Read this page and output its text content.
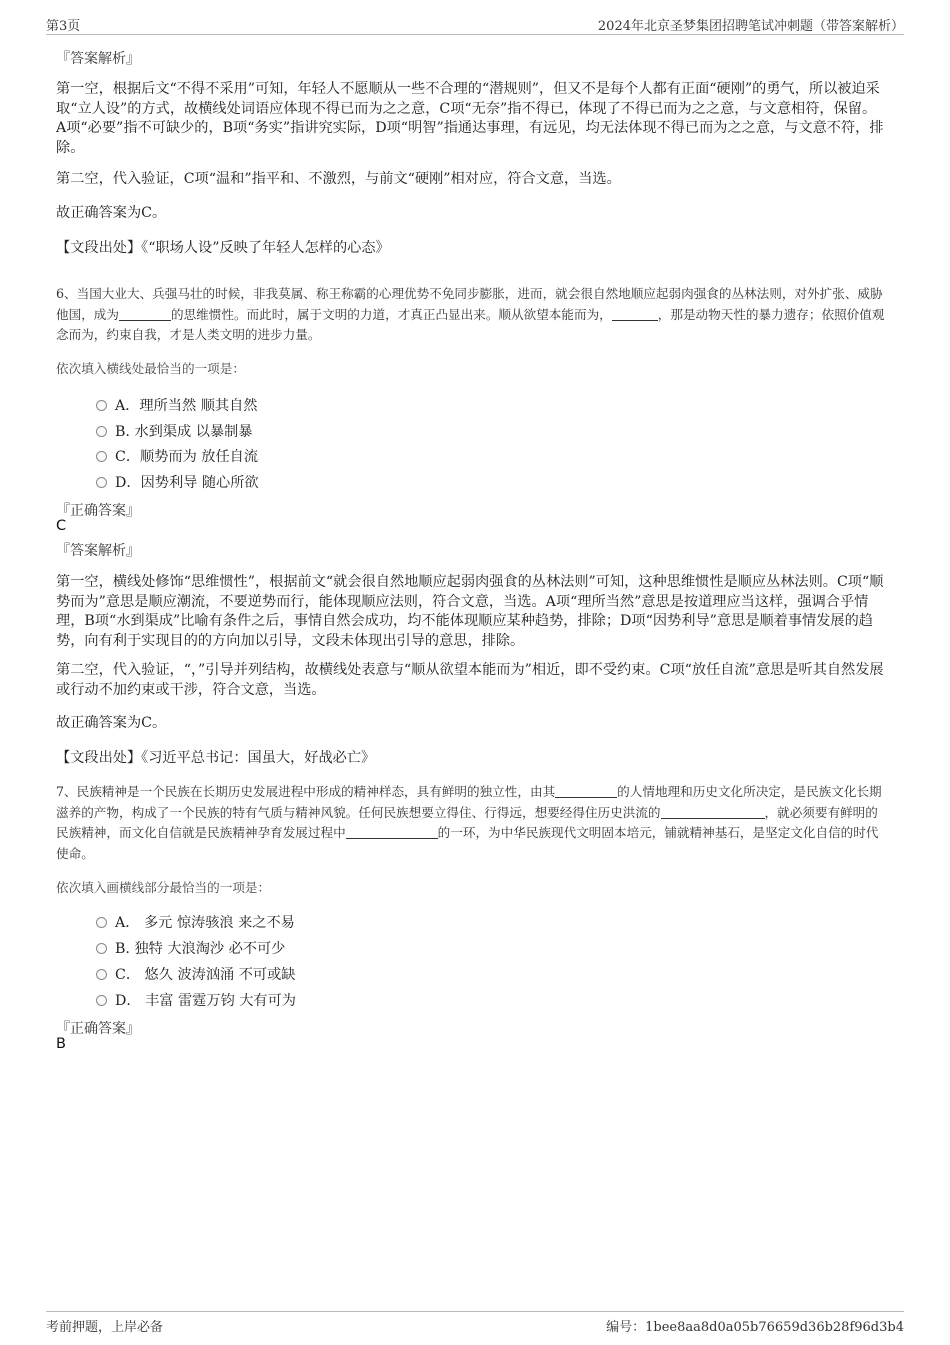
第3页	2024年北京圣梦集团招聘笔试冲刺题（带答案解析）
『答案解析』
第一空，根据后文“不得不采用”可知，年轻人不愿顺从一些不合理的“潜规则”，但又不是每个人都有正面“硬刚”的勇气，所以被迫采取“立人设”的方式，故横线处词语应体现不得已而为之之意，C项“无奈”指不得已，体现了不得已而为之之意，与文意相符，保留。A项“必要”指不可缺少的，B项“务实”指讲究实际，D项“明智”指通达事理，有远见，均无法体现不得已而为之之意，与文意不符，排除。
第二空，代入验证，C项“温和”指平和、不激烈，与前文“硬刚”相对应，符合文意，当选。
故正确答案为C。
【文段出处】《“职场人设”反映了年轻人怎样的心态》
6、当国大业大、兵强马壮的时候，非我莫属、称王称霸的心理优势不免同步膨胀，进而，就会很自然地顺应起弱肉强食的丛林法则，对外扩张、威胁他国，成为	的思维惯性。而此时，属于文明的力道，才真正凸显出来。顺从欲望本能而为，	，那是动物天性的暴力遗存；依照价值观念而为，约束自我，才是人类文明的进步力量。
依次填入横线处最恰当的一项是：
A．理所当然 顺其自然
B. 水到渠成 以暴制暴
C．顺势而为 放任自流
D．因势利导 随心所欲
『正确答案』
C
『答案解析』
第一空，横线处修饰“思维惯性”，根据前文“就会很自然地顺应起弱肉强食的丛林法则”可知，这种思维惯性是顺应丛林法则。C项“顺势而为”意思是顺应潮流，不要逆势而行，能体现顺应法则，符合文意，当选。A项“理所当然”意思是按道理应当这样，强调合乎情理，B项“水到渠成”比喻有条件之后，事情自然会成功，均不能体现顺应某种趋势，排除；D项“因势利导”意思是顺着事情发展的趋势，向有利于实现目的的方向加以引导，文段未体现出引导的意思，排除。
第二空，代入验证，“，”引导并列结构，故横线处表意与“顺从欲望本能而为”相近，即不受约束。C项“放任自流”意思是听其自然发展或行动不加约束或干涉，符合文意，当选。
故正确答案为C。
【文段出处】《习近平总书记：国虽大，好战必亡》
7、民族精神是一个民族在长期历史发展进程中形成的精神样态，具有鲜明的独立性，由其	的人情地理和历史文化所决定，是民族文化长期滋养的产物，构成了一个民族的特有气质与精神风貌。任何民族想要立得住、行得远，想要经得住历史洪流的	，就必须要有鲜明的民族精神，而文化自信就是民族精神孕育发展过程中	的一环，为中华民族现代文明固本培元，铺就精神基石，是坚定文化自信的时代使命。
依次填入画横线部分最恰当的一项是：
A． 多元 惊涛骇浪 来之不易
B. 独特 大浪淘沙 必不可少
C． 悠久 波涛汹涌 不可或缺
D． 丰富 雷霆万钧 大有可为
『正确答案』
B
考前押题，上岸必备	编号：1bee8aa8d0a05b76659d36b28f96d3b4
